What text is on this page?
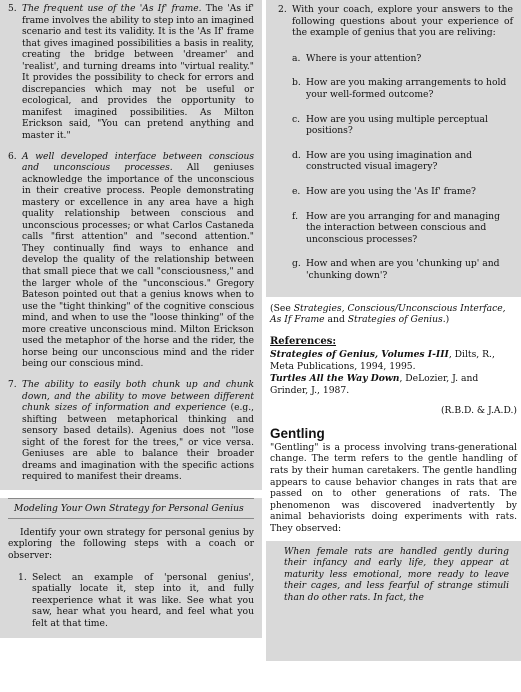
5. The frequent use of the 'As If' frame. The 'As if' frame involves the ability to step into an imagined scenario and test its validity. It is the 'As If' frame that gives imagined possibilities a basis in reality, creating the bridge between 'dreamer' and 'realist', and turning dreams into "virtual reality." It provides the possibility to check for errors and discrepancies which may not be useful or ecological, and provides the opportunity to manifest imagined possibilities. As Milton Erickson said, "You can pretend anything and master it."

6. A well developed interface between conscious and unconscious processes. All geniuses acknowledge the importance of the unconscious in their creative process. People demonstrating mastery or excellence in any area have a high quality relationship between conscious and unconscious processes; or what Carlos Castaneda calls "first attention" and "second attention." They continually find ways to enhance and develop the quality of the relationship between that small piece that we call "consciousness," and the larger whole of the "unconscious." Gregory Bateson pointed out that a genius knows when to use the "tight thinking" of the cognitive conscious mind, and when to use the "loose thinking" of the more creative unconscious mind. Milton Erickson used the metaphor of the horse and the rider, the horse being our unconscious mind and the rider being our conscious mind.

7. The ability to easily both chunk up and chunk down, and the ability to move between different chunk sizes of information and experience (e.g., shifting between metaphorical thinking and sensory based details). Agenius does not "lose sight of the forest for the trees," or vice versa. Geniuses are able to balance their broader dreams and imagination with the specific actions required to manifest their dreams.

Modeling Your Own Strategy for Personal Genius

Identify your own strategy for personal genius by exploring the following steps with a coach or observer:

1. Select an example of 'personal genius', spatially locate it, step into it, and fully reexperience what it was like. See what you saw, hear what you heard, and feel what you felt at that time.

2. With your coach, explore your answers to the following questions about your experience of the example of genius that you are reliving:

a. Where is your attention?
b. How are you making arrangements to hold your well-formed outcome?
c. How are you using multiple perceptual positions?
d. How are you using imagination and constructed visual imagery?
e. How are you using the 'As If' frame?
f. How are you arranging for and managing the interaction between conscious and unconscious processes?
g. How and when are you 'chunking up' and 'chunking down'?

(See Strategies, Conscious/Unconscious Interface, As If Frame and Strategies of Genius.)

References:

Strategies of Genius, Volumes I-III, Dilts, R., Meta Publications, 1994, 1995.

Turtles All the Way Down, DeLozier, J. and Grinder, J., 1987.

(R.B.D. & J.A.D.)

Gentling

"Gentling" is a process involving trans-generational change. The term refers to the gentle handling of rats by their human caretakers. The gentle handling appears to cause behavior changes in rats that are passed on to other generations of rats. The phenomenon was discovered inadvertently by animal behaviorists doing experiments with rats. They observed:

When female rats are handled gently during their infancy and early life, they appear at maturity less emotional, more ready to leave their cages, and less fearful of strange stimuli than do other rats. In fact, the
